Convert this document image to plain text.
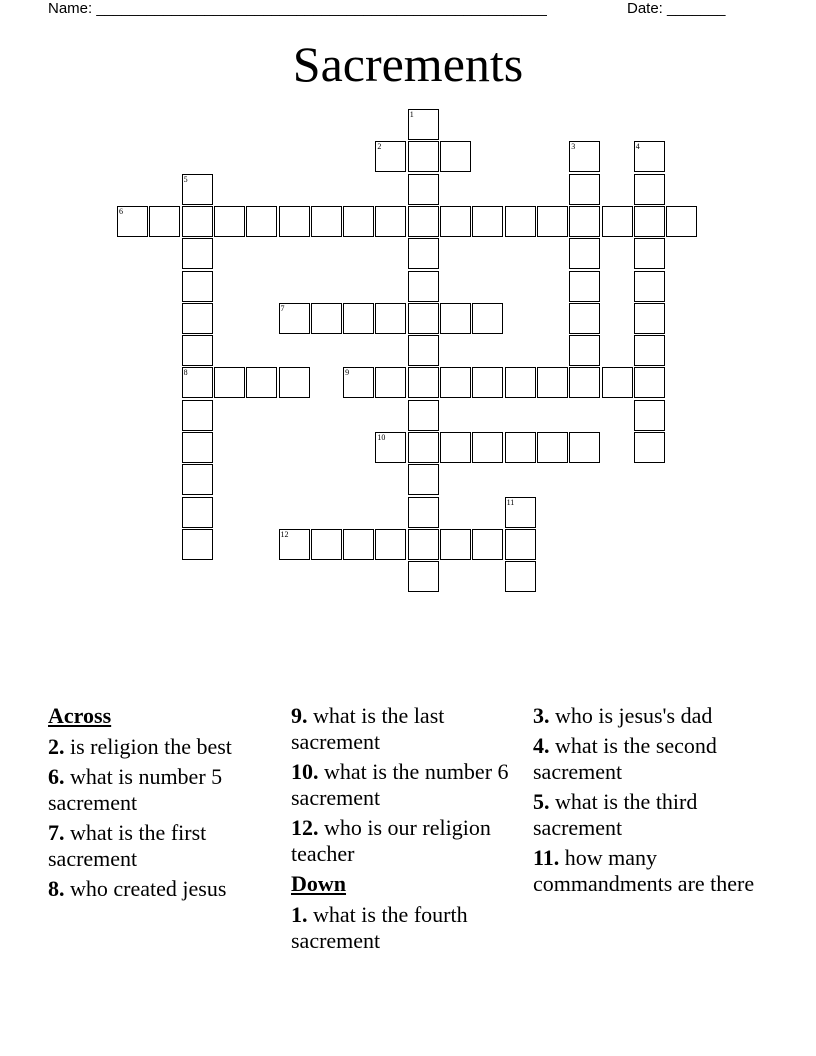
Name: ______________________________________________________	Date: _______
Sacrements
1
2	3	4
5
6
7
8	9
10
11
12
Across
2. is religion the best
6. what is number 5 sacrement
7. what is the first sacrement
8. who created jesus
9. what is the last sacrement
10. what is the number 6 sacrement
12. who is our religion teacher
Down
1. what is the fourth sacrement
3. who is jesus's dad
4. what is the second sacrement
5. what is the third sacrement
11. how many commandments are there
